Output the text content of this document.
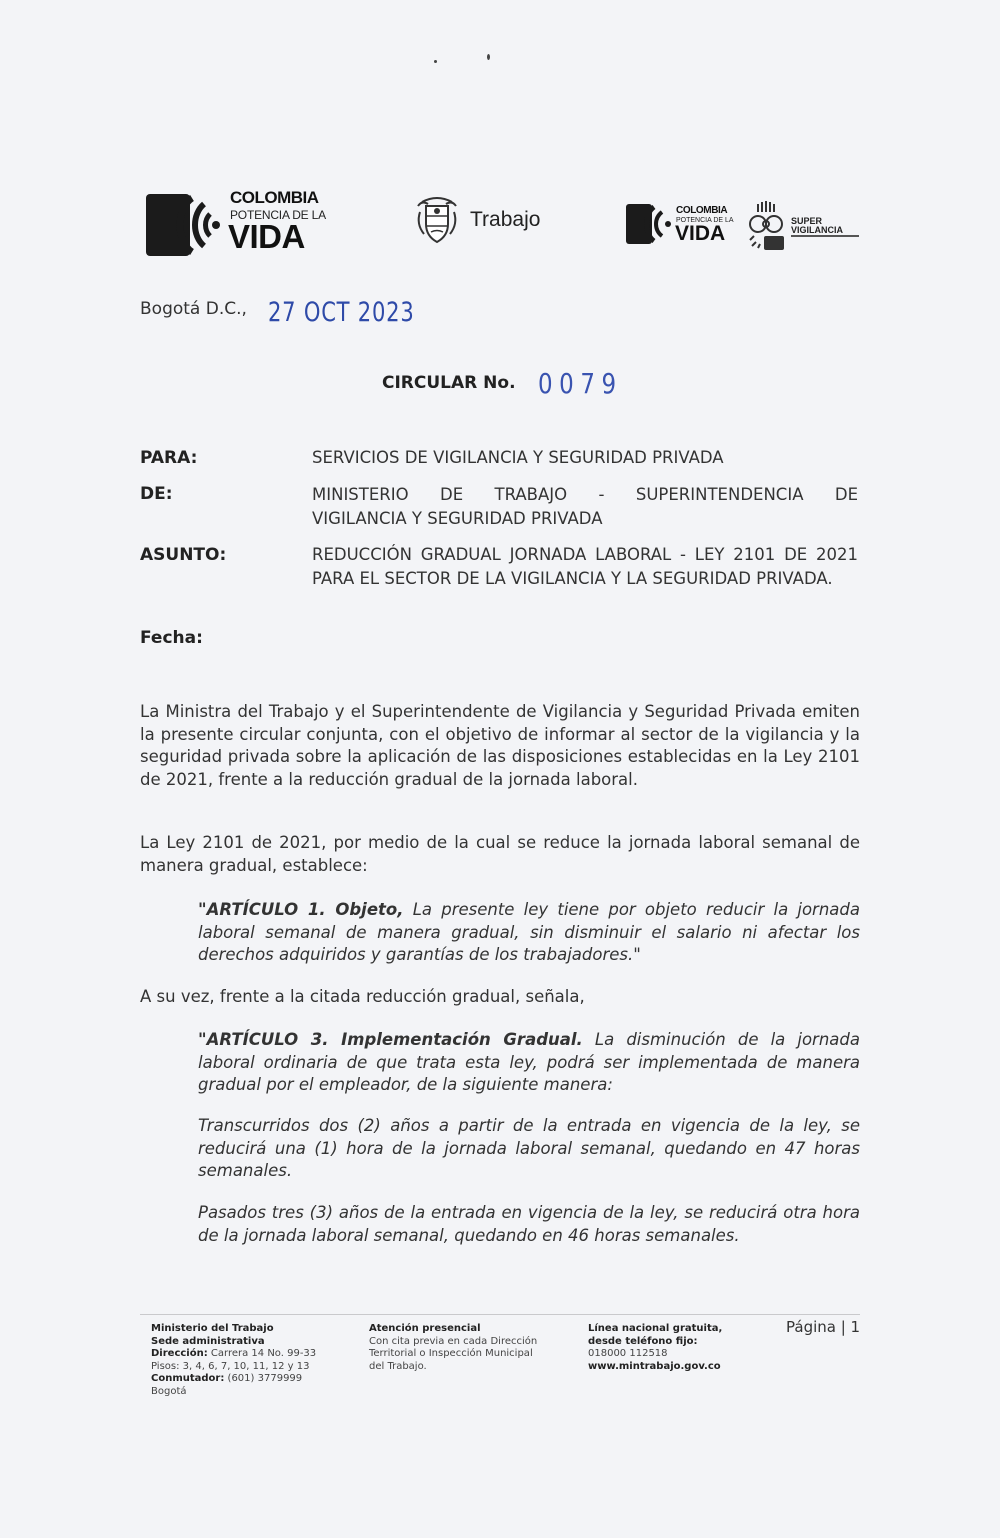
COLOMBIA
POTENCIA DE LA
VIDA	Trabajo	COLOMBIA
POTENCIA DE LA
VIDA
SUPER
VIGILANCIA
Bogotá D.C., 27 OCT 2023
CIRCULAR No. 0079
PARA:	SERVICIOS DE VIGILANCIA Y SEGURIDAD PRIVADA
DE:	MINISTERIO DE TRABAJO - SUPERINTENDENCIA DE
VIGILANCIA Y SEGURIDAD PRIVADA
ASUNTO:	REDUCCIÓN GRADUAL JORNADA LABORAL - LEY 2101 DE 2021 PARA EL SECTOR DE LA VIGILANCIA Y LA SEGURIDAD PRIVADA.
Fecha:

La Ministra del Trabajo y el Superintendente de Vigilancia y Seguridad Privada emiten la presente circular conjunta, con el objetivo de informar al sector de la vigilancia y la seguridad privada sobre la aplicación de las disposiciones establecidas en la Ley 2101 de 2021, frente a la reducción gradual de la jornada laboral.

La Ley 2101 de 2021, por medio de la cual se reduce la jornada laboral semanal de manera gradual, establece:

"ARTÍCULO 1. Objeto, La presente ley tiene por objeto reducir la jornada laboral semanal de manera gradual, sin disminuir el salario ni afectar los derechos adquiridos y garantías de los trabajadores."

A su vez, frente a la citada reducción gradual, señala,

"ARTÍCULO 3. Implementación Gradual. La disminución de la jornada laboral ordinaria de que trata esta ley, podrá ser implementada de manera gradual por el empleador, de la siguiente manera:

Transcurridos dos (2) años a partir de la entrada en vigencia de la ley, se reducirá una (1) hora de la jornada laboral semanal, quedando en 47 horas semanales.

Pasados tres (3) años de la entrada en vigencia de la ley, se reducirá otra hora de la jornada laboral semanal, quedando en 46 horas semanales.

Ministerio del Trabajo
Sede administrativa
Dirección: Carrera 14 No. 99-33
Pisos: 3, 4, 6, 7, 10, 11, 12 y 13
Conmutador: (601) 3779999
Bogotá
Atención presencial
Con cita previa en cada Dirección
Territorial o Inspección Municipal
del Trabajo.
Línea nacional gratuita,
desde teléfono fijo:
018000 112518
www.mintrabajo.gov.co
Página | 1
